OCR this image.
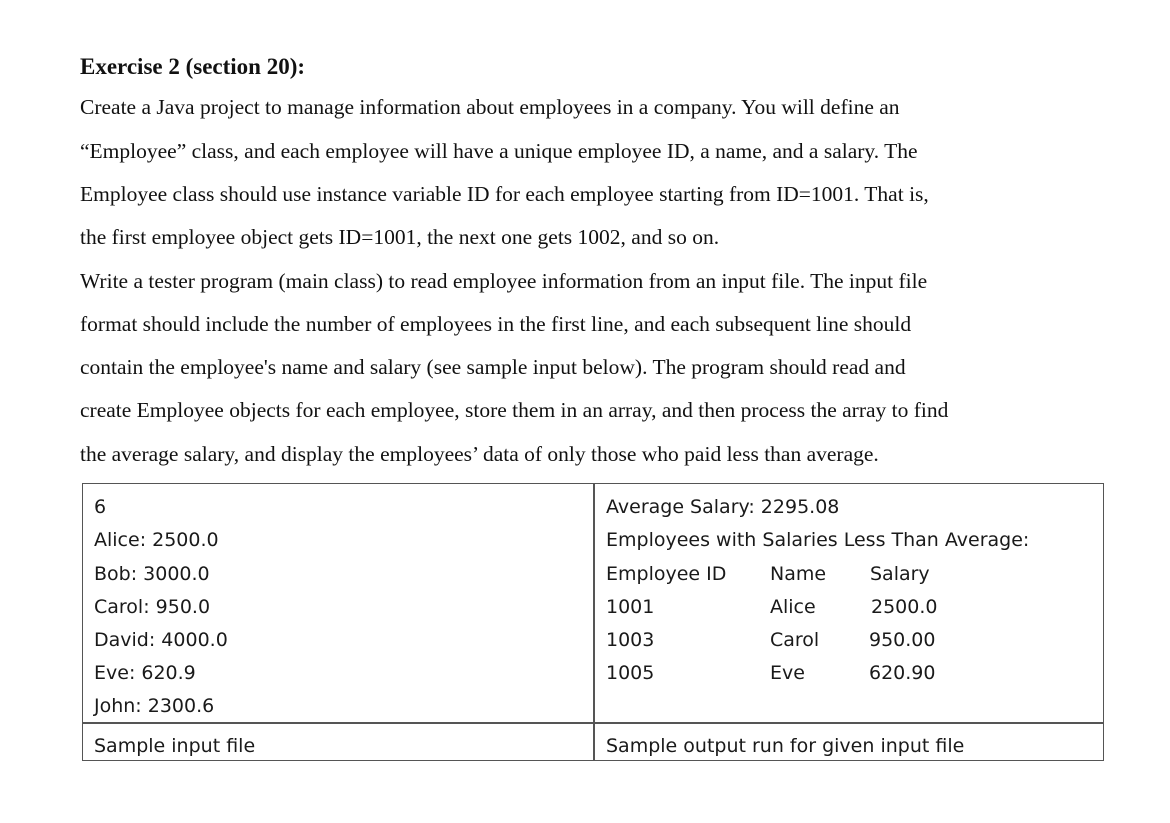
Exercise 2 (section 20):
Create a Java project to manage information about employees in a company. You will define an
“Employee” class, and each employee will have a unique employee ID, a name, and a salary. The
Employee class should use instance variable ID for each employee starting from ID=1001. That is,
the first employee object gets ID=1001, the next one gets 1002, and so on.
Write a tester program (main class) to read employee information from an input file. The input file
format should include the number of employees in the first line, and each subsequent line should
contain the employee's name and salary (see sample input below). The program should read and
create Employee objects for each employee, store them in an array, and then process the array to find
the average salary, and display the employees’ data of only those who paid less than average.
6
Alice: 2500.0
Bob: 3000.0
Carol: 950.0
David: 4000.0
Eve: 620.9
John: 2300.6
Sample input file
Average Salary: 2295.08
Employees with Salaries Less Than Average:
Employee ID Name Salary
1001	Alice	2500.0
1003	Carol	950.00
1005	Eve	620.90
Sample output run for given input file
